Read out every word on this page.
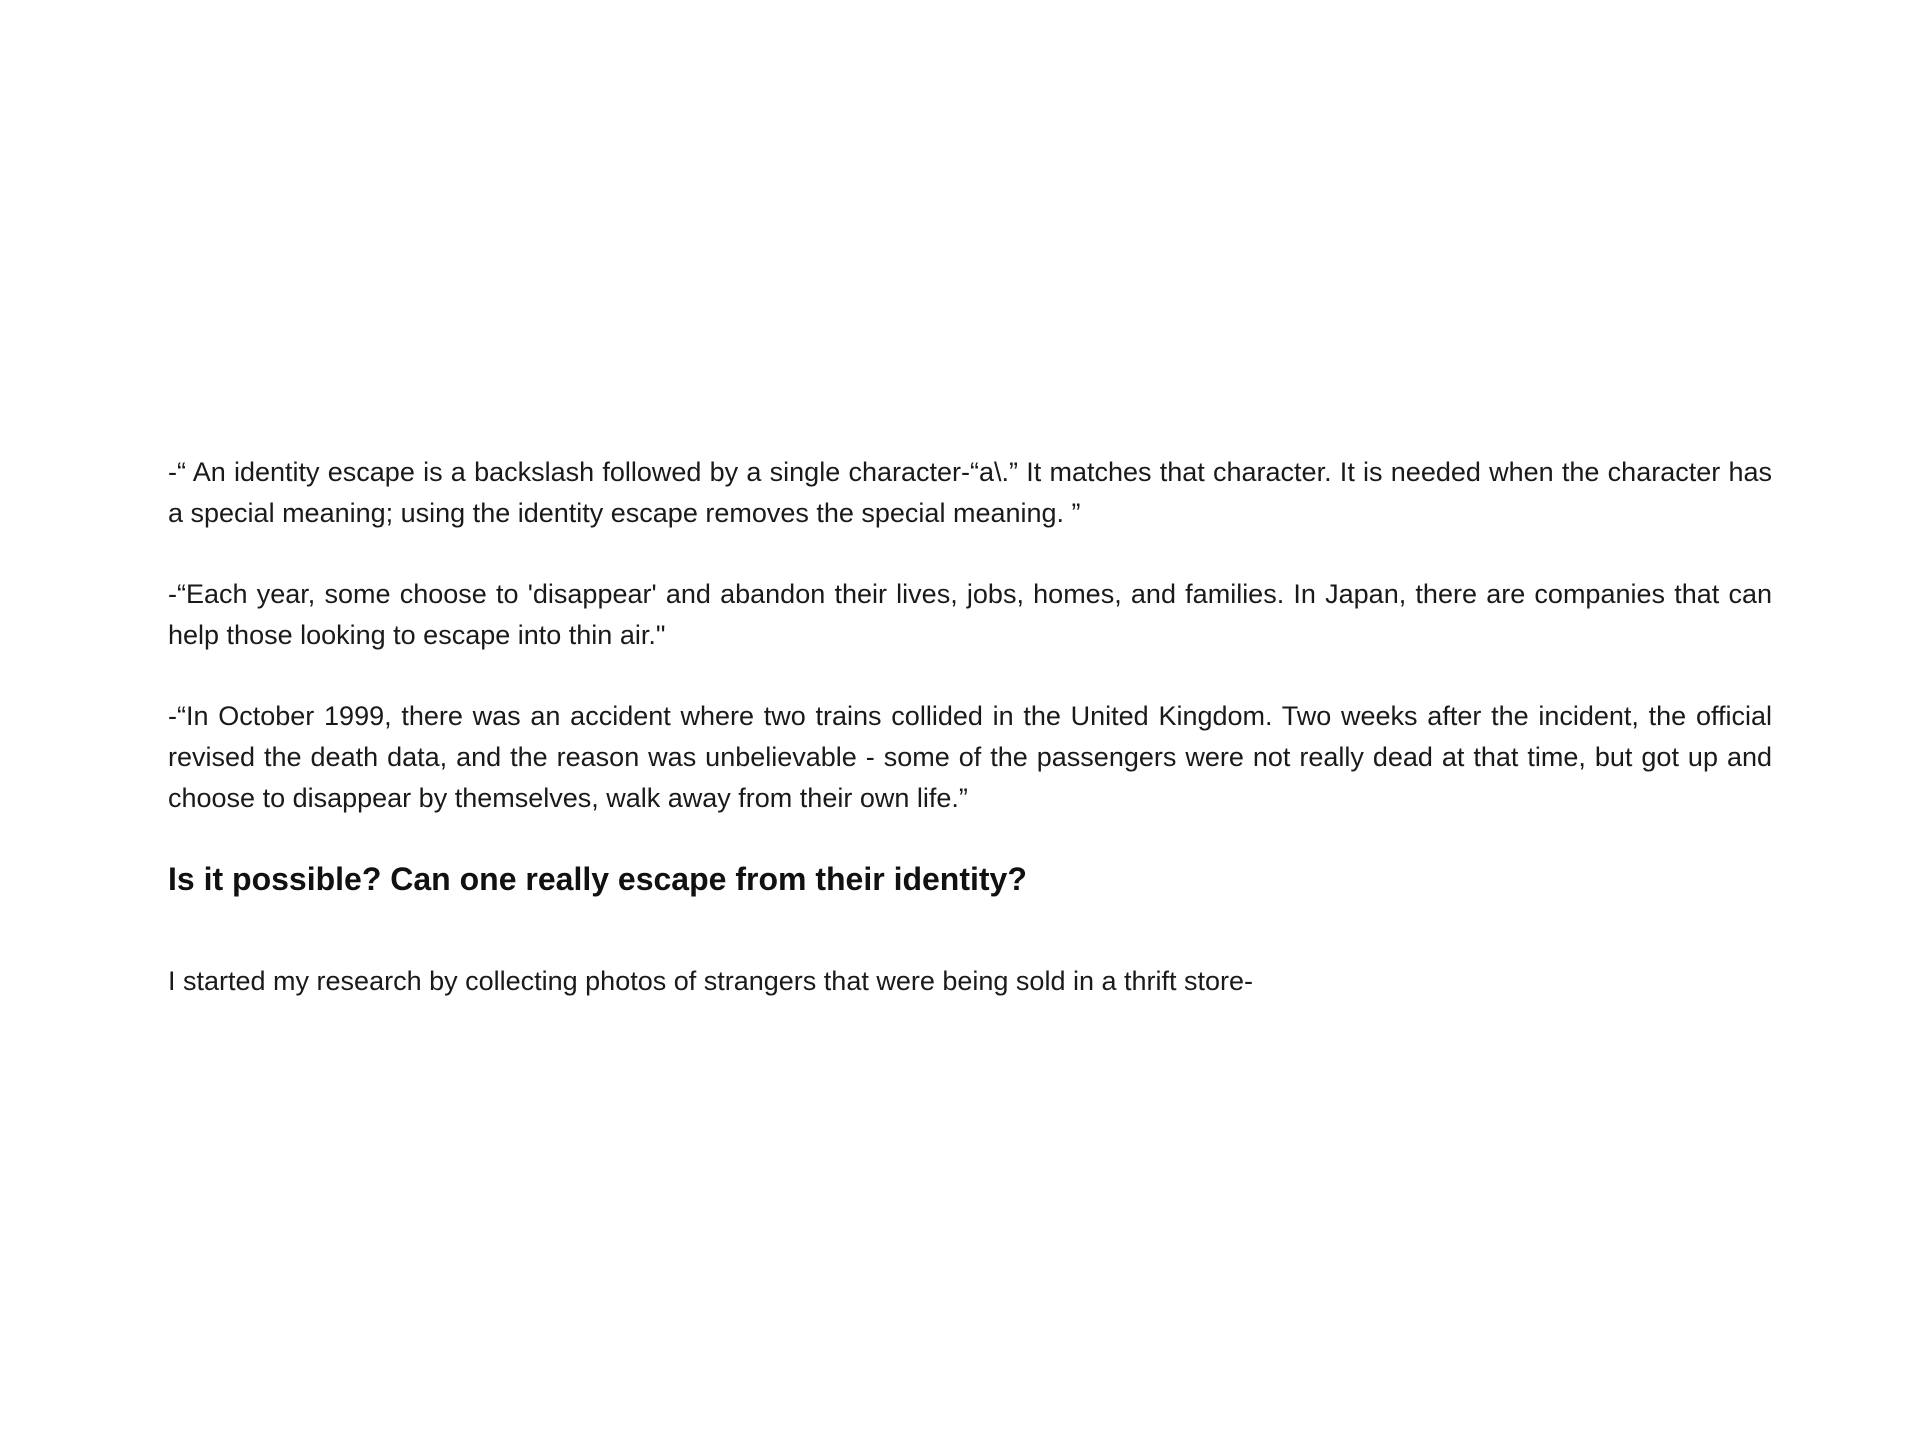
-“ An identity escape is a backslash followed by a single character-“a\.” It matches that character. It is needed when the character has a special meaning; using the identity escape removes the special meaning. ”

-“Each year, some choose to 'disappear' and abandon their lives, jobs, homes, and families. In Japan, there are companies that can help those looking to escape into thin air."

-“In October 1999, there was an accident where two trains collided in the United Kingdom. Two weeks after the incident, the official revised the death data, and the reason was unbelievable - some of the passengers were not really dead at that time, but got up and choose to disappear by themselves, walk away from their own life.”

Is it possible? Can one really escape from their identity?

I started my research by collecting photos of strangers that were being sold in a thrift store-
